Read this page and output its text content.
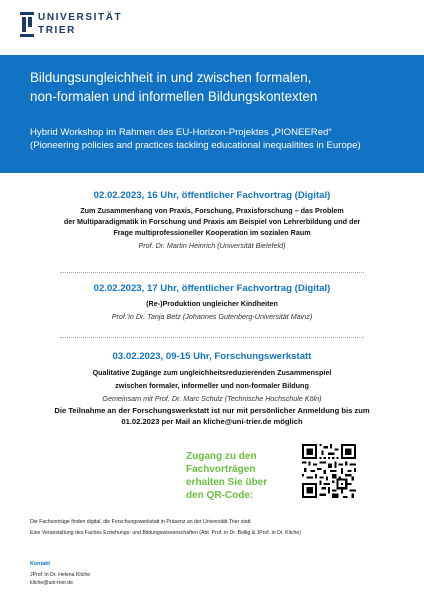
UNIVERSITÄT
TRIER
Bildungsungleichheit in und zwischen formalen,
non-formalen und informellen Bildungskontexten
Hybrid Workshop im Rahmen des EU-Horizon-Projektes „PIONEERed“
(Pioneering policies and practices tackling educational inequalitites in Europe)
02.02.2023, 16 Uhr, öffentlicher Fachvortrag (Digital)
Zum Zusammenhang von Praxis, Forschung, Praxisforschung – das Problem
der Multiparadigmatik in Forschung und Praxis am Beispiel von Lehrerbildung und der
Frage multiprofessioneller Kooperation im sozialen Raum
Prof. Dr. Martin Heinrich (Universität Bielefeld)
02.02.2023, 17 Uhr, öffentlicher Fachvortrag (Digital)
(Re-)Produktion ungleicher Kindheiten
Prof.'in Dr. Tanja Betz (Johannes Gutenberg-Universität Mainz)
03.02.2023, 09-15 Uhr, Forschungswerkstatt
Qualitative Zugänge zum ungleichheitsreduzierenden Zusammenspiel
zwischen formaler, informeller und non-formaler Bildung
Gemeinsam mit Prof. Dr. Marc Schulz (Technische Hochschule Köln)
Die Teilnahme an der Forschungswerkstatt ist nur mit persönlicher Anmeldung bis zum
01.02.2023 per Mail an kliche@uni-trier.de möglich
Zugang zu den
Fachvorträgen
erhalten Sie über
den QR-Code:
Die Fachvorträge finden digital, die Forschungswerkstatt in Präsenz an der Universität Trier statt.
Eine Veranstaltung des Faches Erziehungs- und Bildungswissenschaften (Abt. Prof. in Dr. Bollig & JProf. in Dr. Kliche)
Kontakt
JProf.'in Dr. Helena Kliche
kliche@uni-trier.de
